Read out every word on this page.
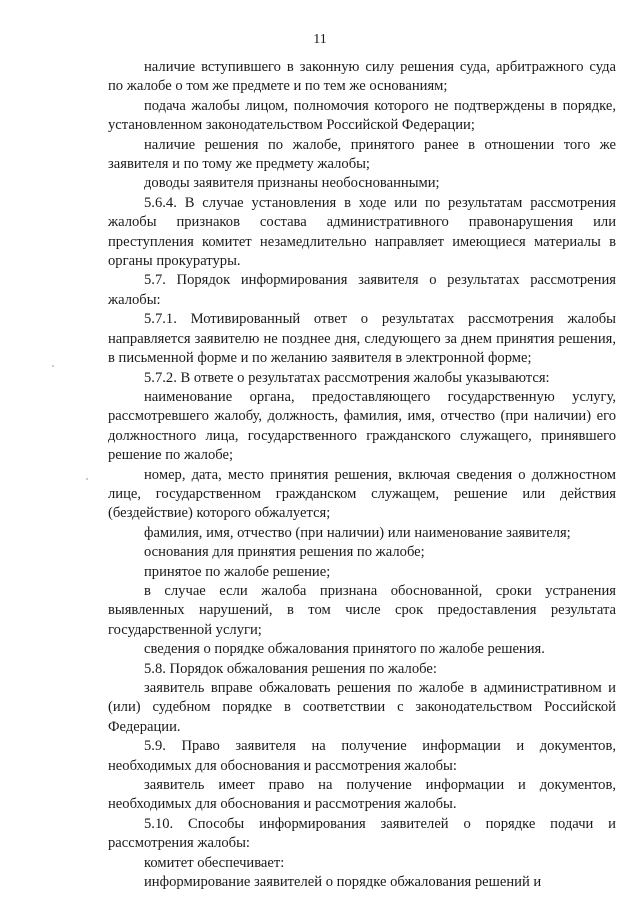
11

наличие вступившего в законную силу решения суда, арбитражного суда по жалобе о том же предмете и по тем же основаниям;

подача жалобы лицом, полномочия которого не подтверждены в порядке, установленном законодательством Российской Федерации;

наличие решения по жалобе, принятого ранее в отношении того же заявителя и по тому же предмету жалобы;

доводы заявителя признаны необоснованными;

5.6.4. В случае установления в ходе или по результатам рассмотрения жалобы признаков состава административного правонарушения или преступления комитет незамедлительно направляет имеющиеся материалы в органы прокуратуры.

5.7. Порядок информирования заявителя о результатах рассмотрения жалобы:

5.7.1. Мотивированный ответ о результатах рассмотрения жалобы направляется заявителю не позднее дня, следующего за днем принятия решения, в письменной форме и по желанию заявителя в электронной форме;

5.7.2. В ответе о результатах рассмотрения жалобы указываются:

наименование органа, предоставляющего государственную услугу, рассмотревшего жалобу, должность, фамилия, имя, отчество (при наличии) его должностного лица, государственного гражданского служащего, принявшего решение по жалобе;

номер, дата, место принятия решения, включая сведения о должностном лице, государственном гражданском служащем, решение или действия (бездействие) которого обжалуется;

фамилия, имя, отчество (при наличии) или наименование заявителя;

основания для принятия решения по жалобе;

принятое по жалобе решение;

в случае если жалоба признана обоснованной, сроки устранения выявленных нарушений, в том числе срок предоставления результата государственной услуги;

сведения о порядке обжалования принятого по жалобе решения.

5.8. Порядок обжалования решения по жалобе:

заявитель вправе обжаловать решения по жалобе в административном и (или) судебном порядке в соответствии с законодательством Российской Федерации.

5.9. Право заявителя на получение информации и документов, необходимых для обоснования и рассмотрения жалобы:

заявитель имеет право на получение информации и документов, необходимых для обоснования и рассмотрения жалобы.

5.10. Способы информирования заявителей о порядке подачи и рассмотрения жалобы:

комитет обеспечивает:

информирование заявителей о порядке обжалования решений и
